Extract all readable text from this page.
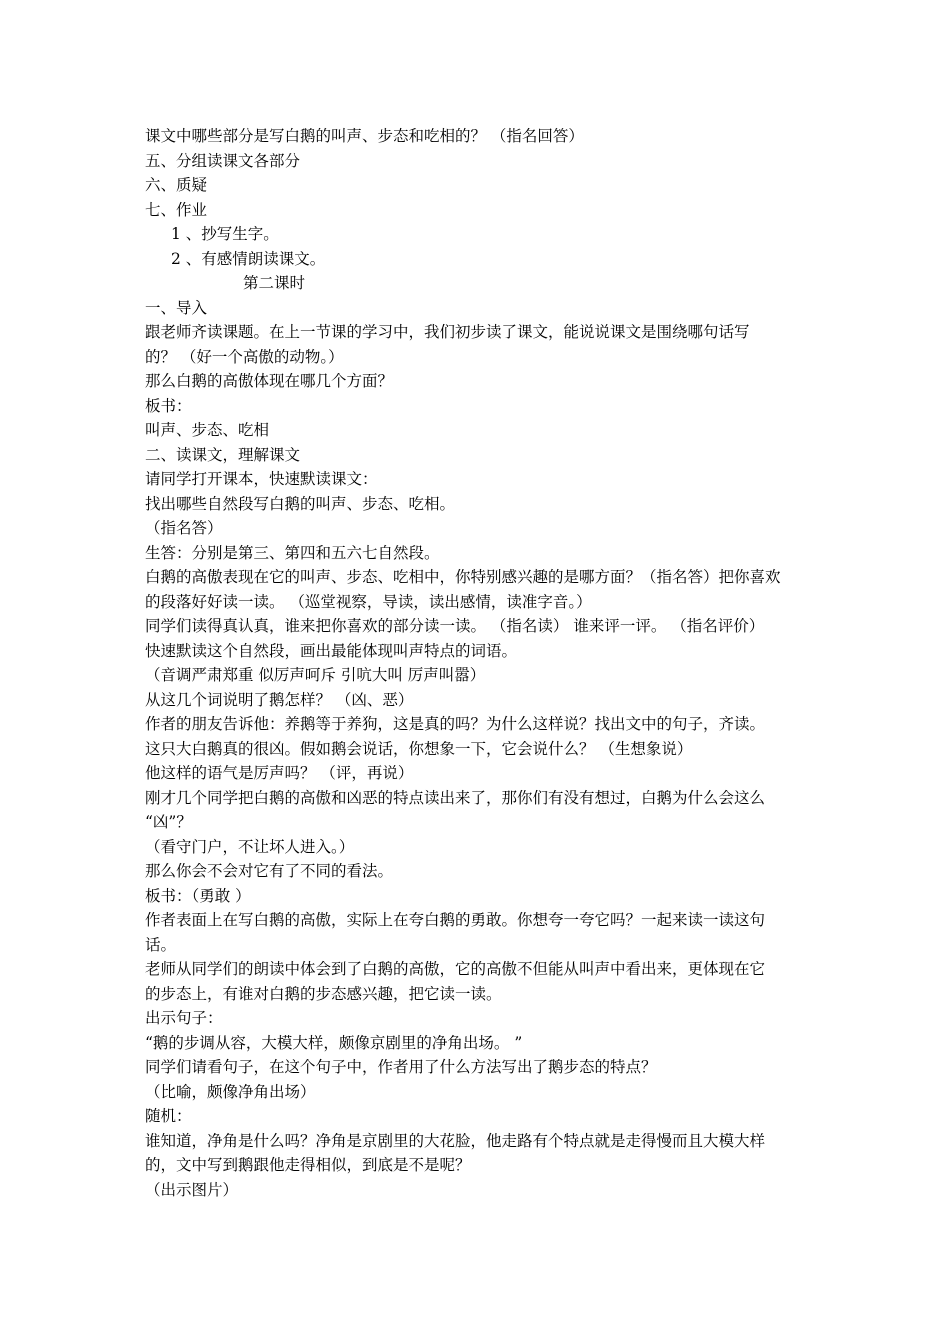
课文中哪些部分是写白鹅的叫声、步态和吃相的？ （指名回答）
五、分组读课文各部分
六、质疑
七、作业
1 、抄写生字。
2 、有感情朗读课文。
第二课时
一、导入
跟老师齐读课题。在上一节课的学习中，我们初步读了课文，能说说课文是围绕哪句话写
的？ （好一个高傲的动物。）
那么白鹅的高傲体现在哪几个方面？
板书：
叫声、步态、吃相
二、读课文，理解课文
请同学打开课本，快速默读课文：
找出哪些自然段写白鹅的叫声、步态、吃相。
（指名答）
生答：分别是第三、第四和五六七自然段。
白鹅的高傲表现在它的叫声、步态、吃相中，你特别感兴趣的是哪方面？（指名答）把你喜欢
的段落好好读一读。 （巡堂视察，导读，读出感情，读准字音。）
同学们读得真认真，谁来把你喜欢的部分读一读。 （指名读） 谁来评一评。 （指名评价）
快速默读这个自然段，画出最能体现叫声特点的词语。
（音调严肃郑重 似厉声呵斥 引吭大叫 厉声叫嚣）
从这几个词说明了鹅怎样？ （凶、恶）
作者的朋友告诉他：养鹅等于养狗，这是真的吗？为什么这样说？找出文中的句子，齐读。
这只大白鹅真的很凶。假如鹅会说话，你想象一下，它会说什么？ （生想象说）
他这样的语气是厉声吗？ （评，再说）
刚才几个同学把白鹅的高傲和凶恶的特点读出来了，那你们有没有想过，白鹅为什么会这么
“凶”？
（看守门户，不让坏人进入。）
那么你会不会对它有了不同的看法。
板书：（勇敢 ）
作者表面上在写白鹅的高傲，实际上在夸白鹅的勇敢。你想夸一夸它吗？一起来读一读这句
话。
老师从同学们的朗读中体会到了白鹅的高傲，它的高傲不但能从叫声中看出来，更体现在它
的步态上，有谁对白鹅的步态感兴趣，把它读一读。
出示句子：
“鹅的步调从容，大模大样，颇像京剧里的净角出场。 ”
同学们请看句子，在这个句子中，作者用了什么方法写出了鹅步态的特点？
（比喻，颇像净角出场）
随机：
谁知道，净角是什么吗？净角是京剧里的大花脸，他走路有个特点就是走得慢而且大模大样
的，文中写到鹅跟他走得相似，到底是不是呢？
（出示图片）
